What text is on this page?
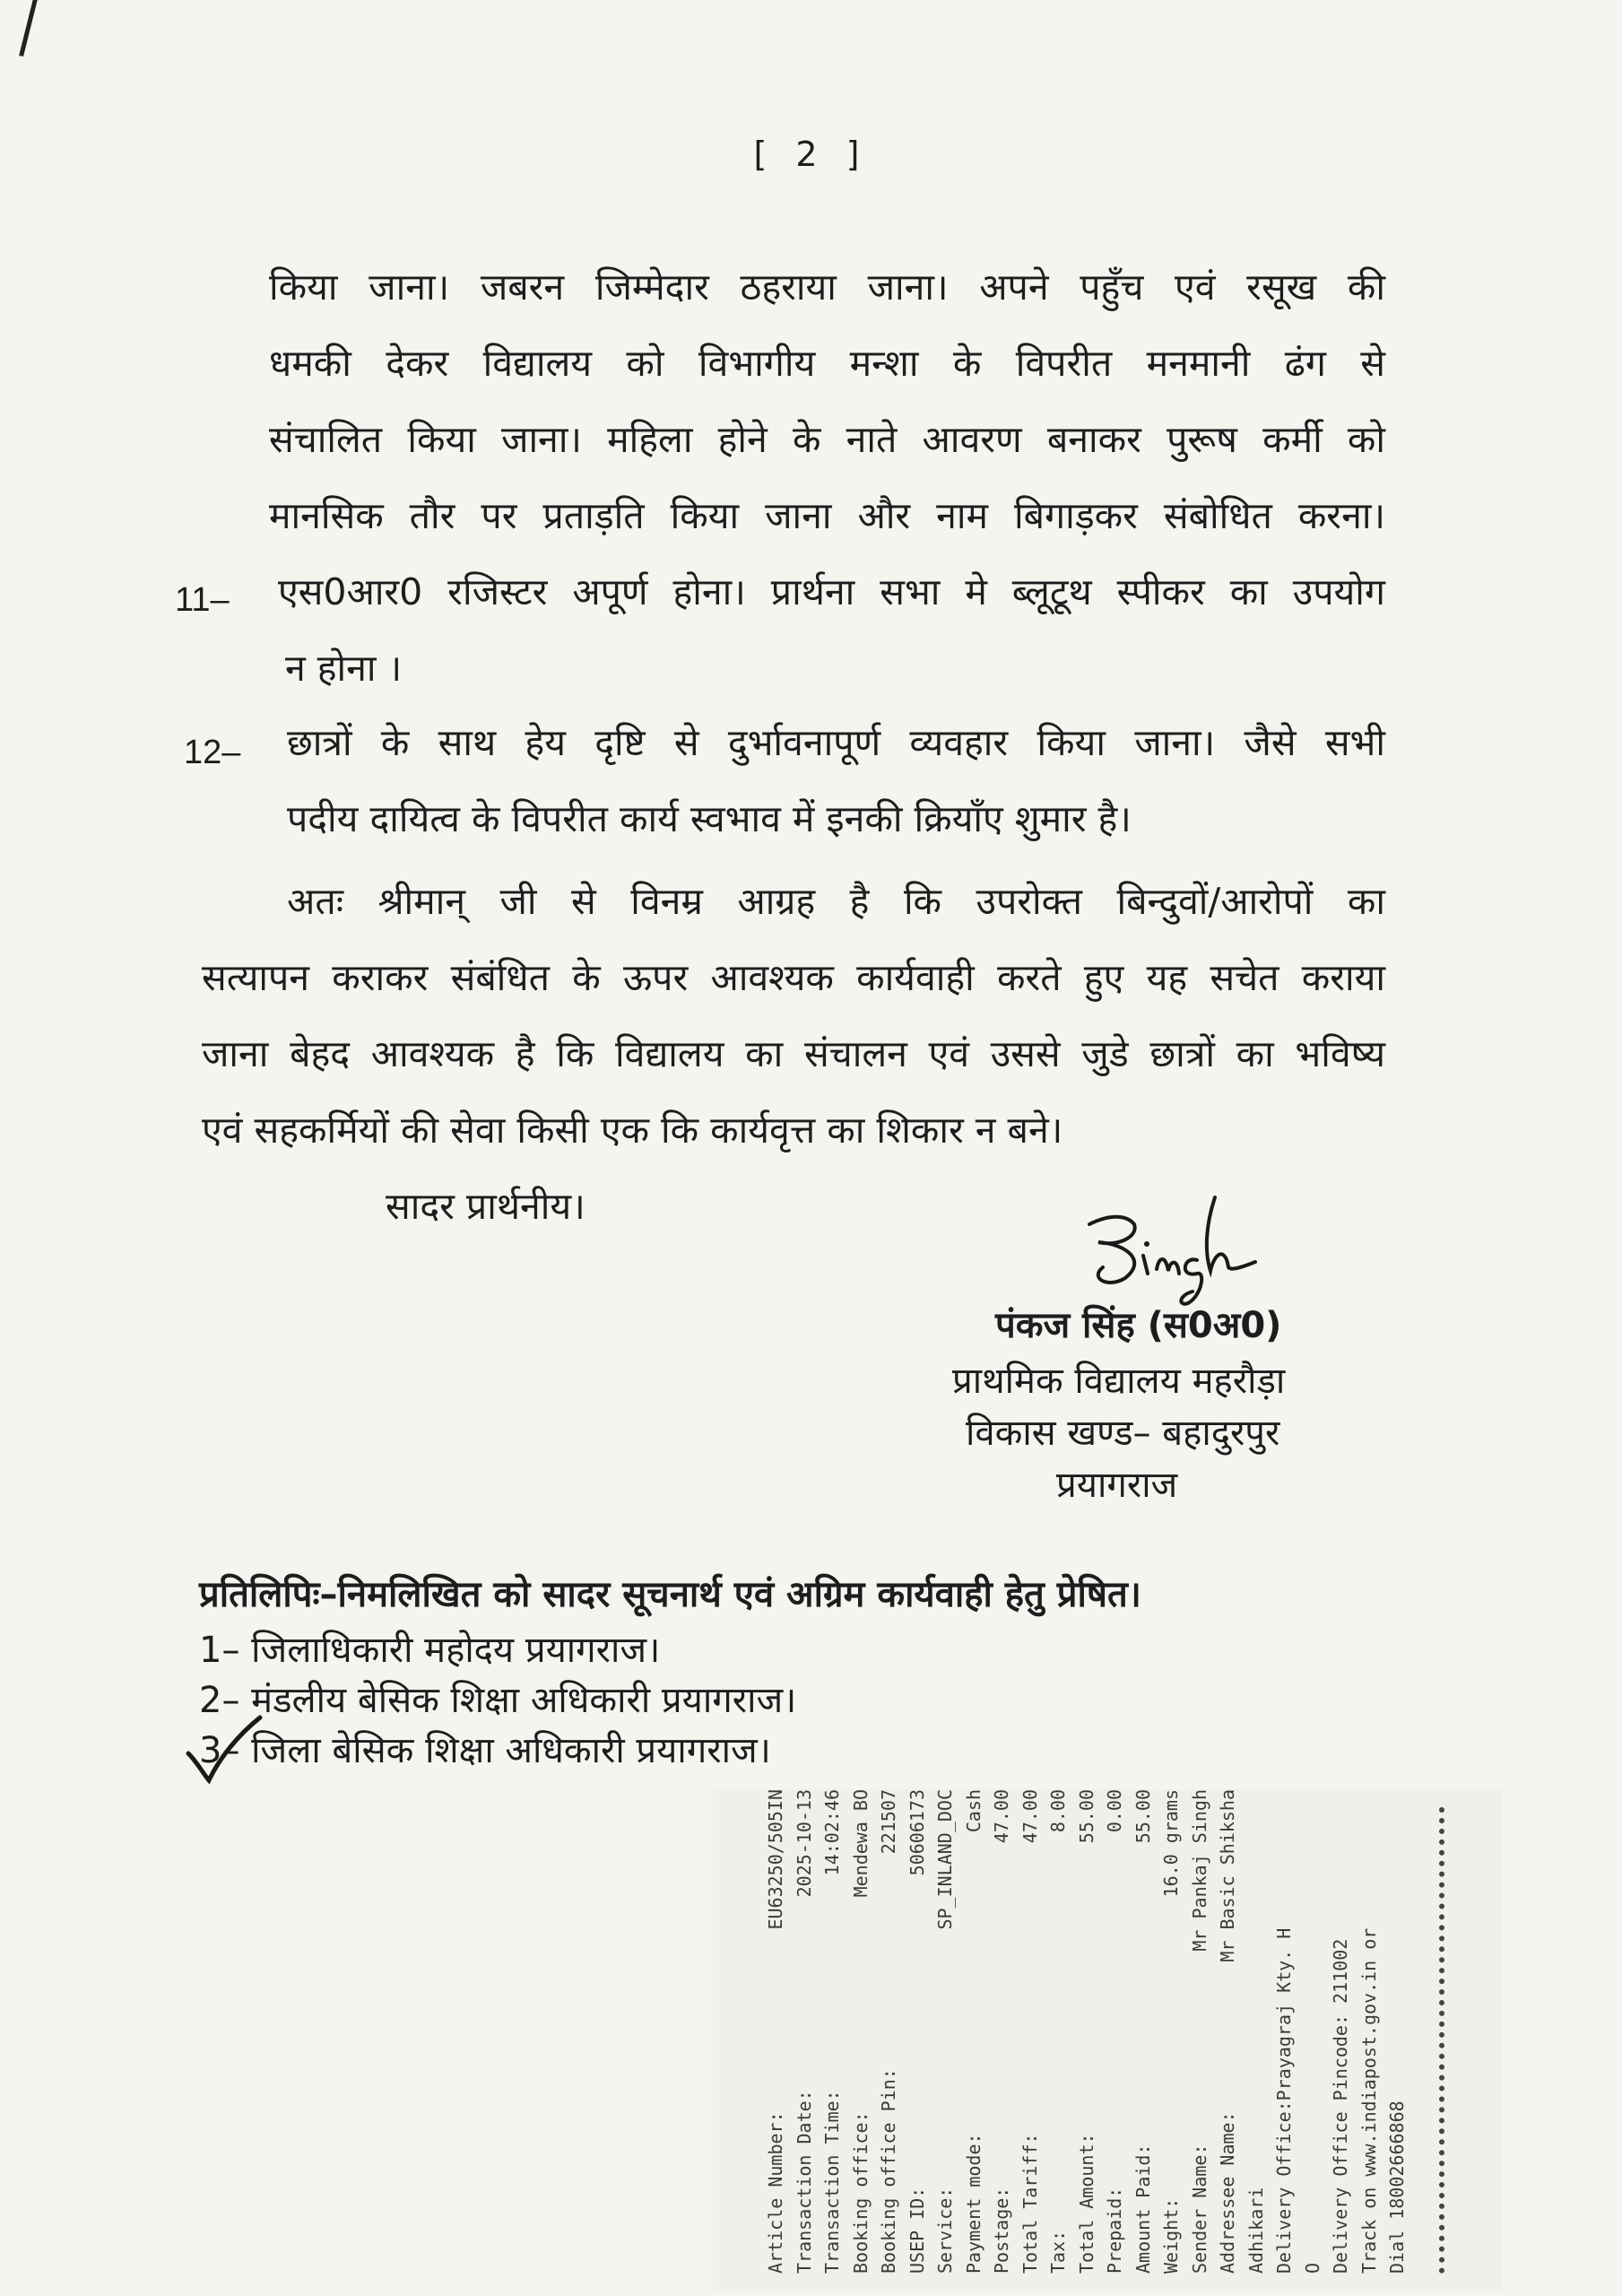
[ 2 ]
किया जाना। जबरन जिम्मेदार ठहराया जाना। अपने पहुँच एवं रसूख की
धमकी देकर विद्यालय को विभागीय मन्शा के विपरीत मनमानी ढंग से
संचालित किया जाना। महिला होने के नाते आवरण बनाकर पुरूष कर्मी को
मानसिक तौर पर प्रताड़ति किया जाना और नाम बिगाड़कर संबोधित करना।
11– एस0आर0 रजिस्टर अपूर्ण होना। प्रार्थना सभा मे ब्लूटूथ स्पीकर का उपयोग
न होना ।
12– छात्रों के साथ हेय दृष्टि से दुर्भावनापूर्ण व्यवहार किया जाना। जैसे सभी
पदीय दायित्व के विपरीत कार्य स्वभाव में इनकी क्रियाँए शुमार है।
अतः श्रीमान् जी से विनम्र आग्रह है कि उपरोक्त बिन्दुवों/आरोपों का
सत्यापन कराकर संबंधित के ऊपर आवश्यक कार्यवाही करते हुए यह सचेत कराया
जाना बेहद आवश्यक है कि विद्यालय का संचालन एवं उससे जुडे छात्रों का भविष्य
एवं सहकर्मियों की सेवा किसी एक कि कार्यवृत्त का शिकार न बने।
सादर प्रार्थनीय।
पंकज सिंह (स0अ0)
प्राथमिक विद्यालय महरौड़ा
विकास खण्ड– बहादुरपुर
प्रयागराज
प्रतिलिपिः–निमलिखित को सादर सूचनार्थ एवं अग्रिम कार्यवाही हेतु प्रेषित।
1– जिलाधिकारी महोदय प्रयागराज।
2– मंडलीय बेसिक शिक्षा अधिकारी प्रयागराज।
3– जिला बेसिक शिक्षा अधिकारी प्रयागराज।
Article Number:
EU63250/505IN
Transaction Date:
2025-10-13
Transaction Time:
14:02:46
Booking office:
Mendewa BO
Booking office Pin:
221507
USEP ID:
50606173
Service:
SP_INLAND_DOC
Payment mode:
Cash
Postage:
47.00
Total Tariff:
47.00
Tax:
8.00
Total Amount:
55.00
Prepaid:
0.00
Amount Paid:
55.00
Weight:
16.0 grams
Sender Name:
Mr Pankaj Singh
Addressee Name:
Mr Basic Shiksha
Adhikari Delivery Office:Prayagraj Kty. H O Delivery Office Pincode: 211002 Track on www.indiapost.gov.in or Dial 18002666868
